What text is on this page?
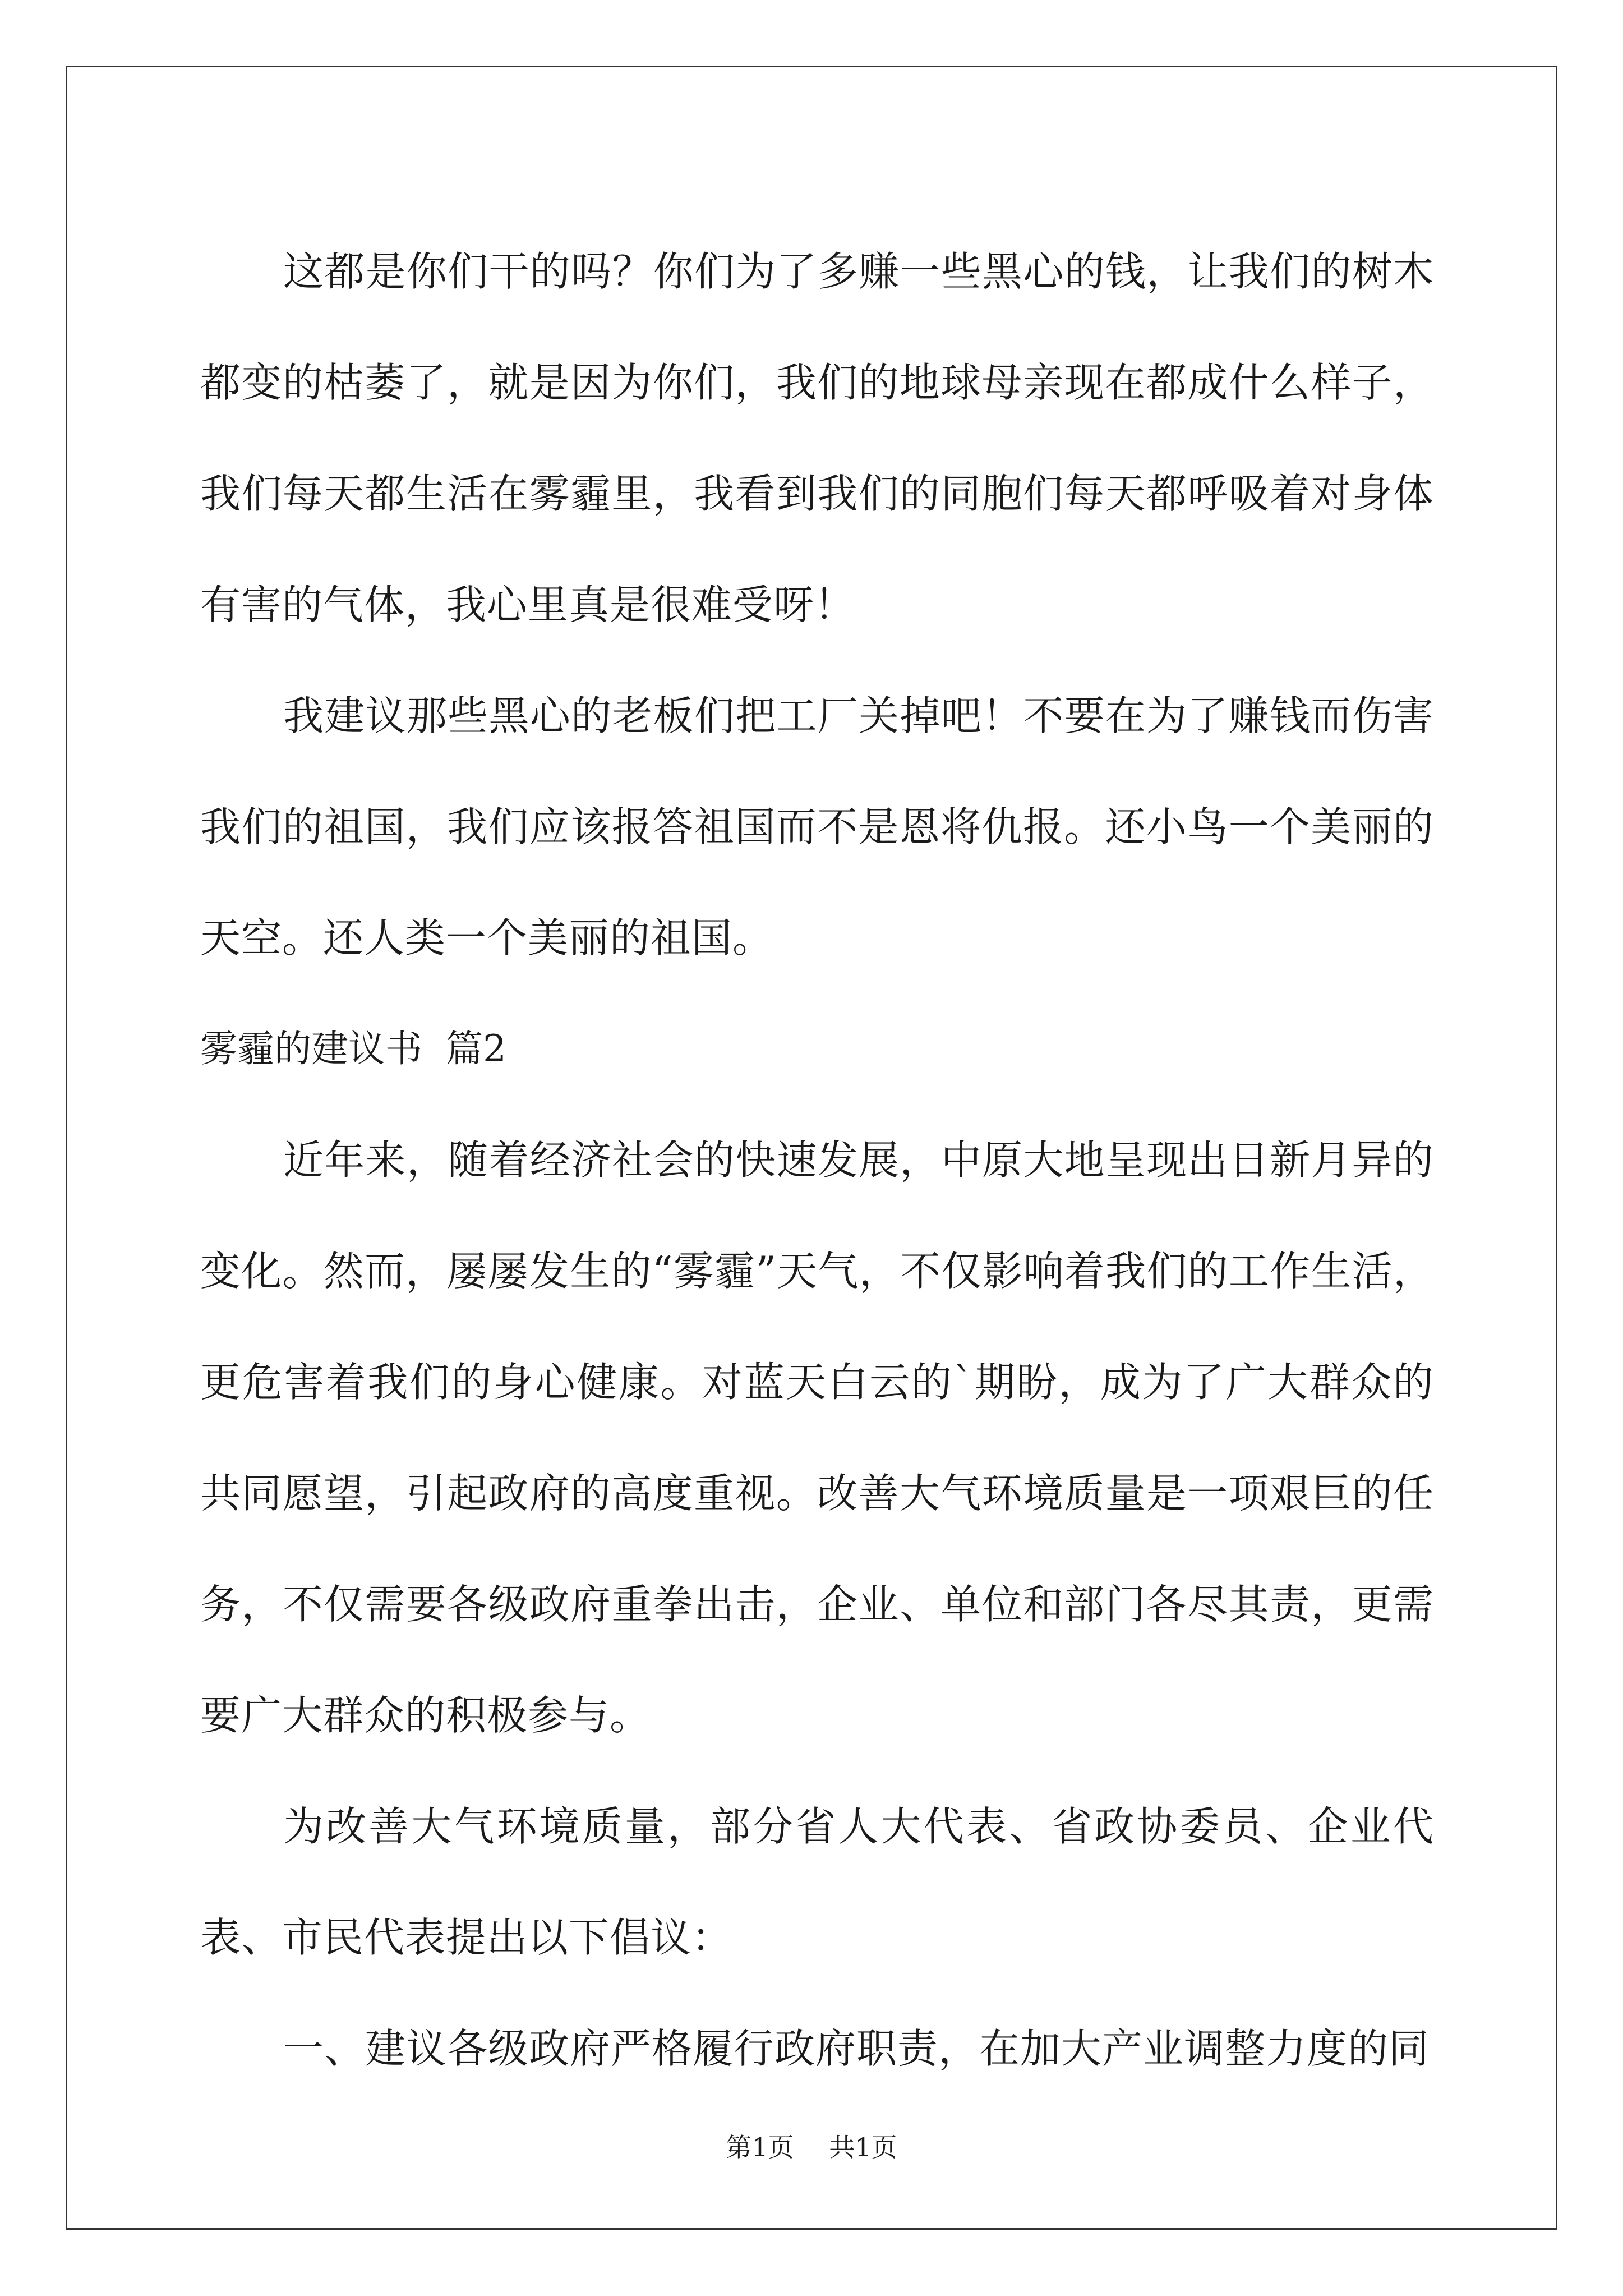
这都是你们干的吗？你们为了多赚一些黑心的钱，让我们的树木都变的枯萎了，就是因为你们，我们的地球母亲现在都成什么样子，我们每天都生活在雾霾里，我看到我们的同胞们每天都呼吸着对身体有害的气体，我心里真是很难受呀！

我建议那些黑心的老板们把工厂关掉吧！不要在为了赚钱而伤害我们的祖国，我们应该报答祖国而不是恩将仇报。还小鸟一个美丽的天空。还人类一个美丽的祖国。

雾霾的建议书  篇2

近年来，随着经济社会的快速发展，中原大地呈现出日新月异的变化。然而，屡屡发生的“雾霾”天气，不仅影响着我们的工作生活，更危害着我们的身心健康。对蓝天白云的`期盼，成为了广大群众的共同愿望，引起政府的高度重视。改善大气环境质量是一项艰巨的任务，不仅需要各级政府重拳出击，企业、单位和部门各尽其责，更需要广大群众的积极参与。

为改善大气环境质量，部分省人大代表、省政协委员、企业代表、市民代表提出以下倡议：

一、建议各级政府严格履行政府职责，在加大产业调整力度的同

第1页 共1页
